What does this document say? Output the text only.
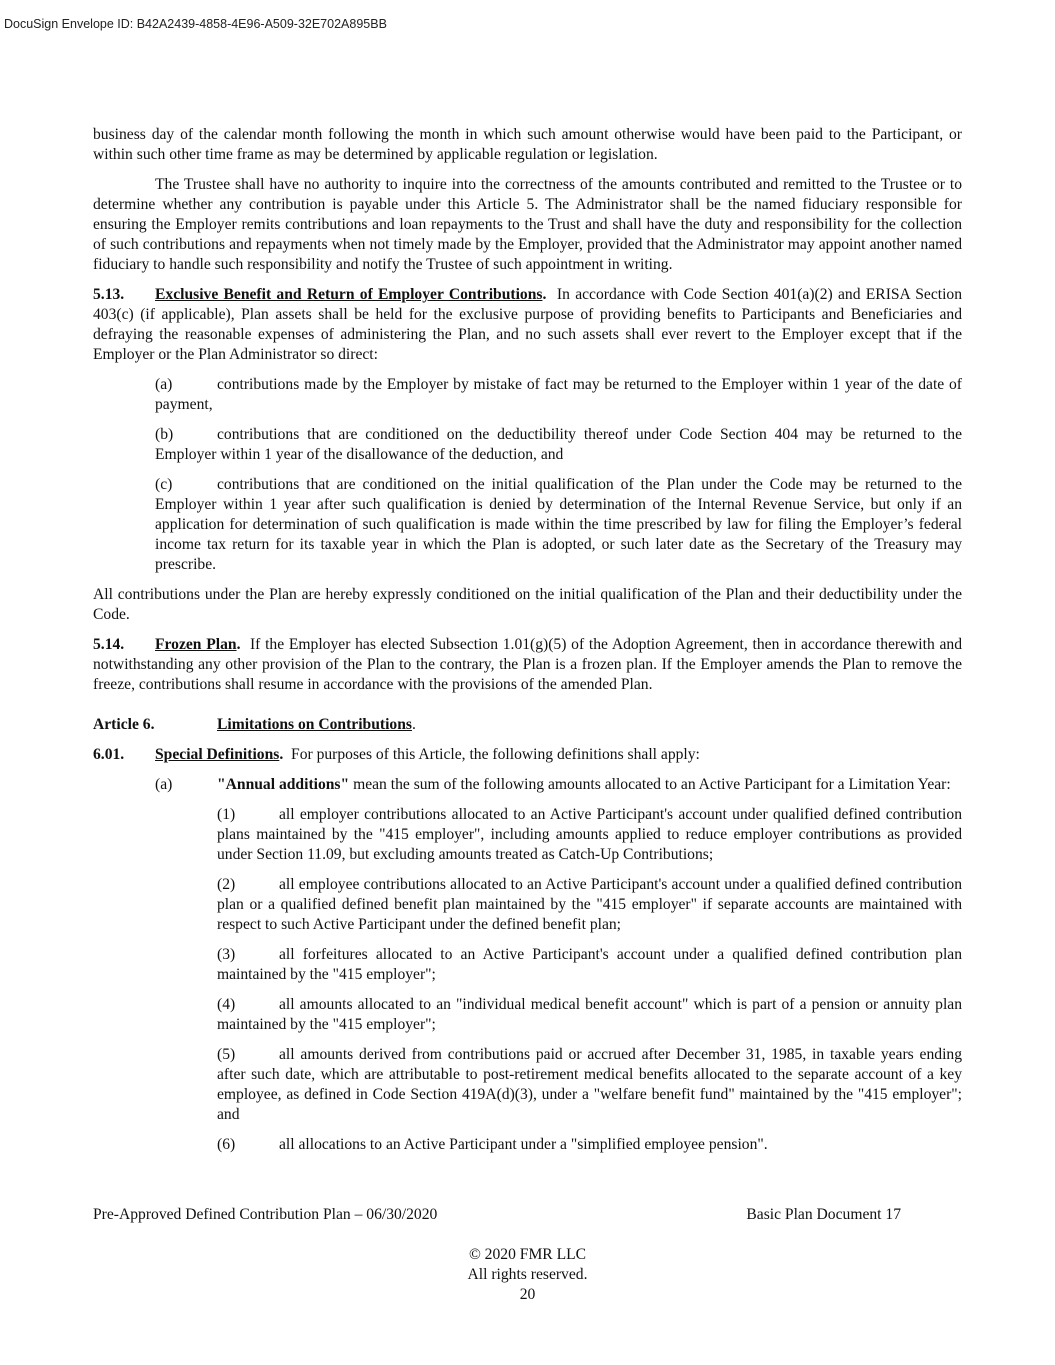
DocuSign Envelope ID: B42A2439-4858-4E96-A509-32E702A895BB

business day of the calendar month following the month in which such amount otherwise would have been paid to the Participant, or within such other time frame as may be determined by applicable regulation or legislation.

The Trustee shall have no authority to inquire into the correctness of the amounts contributed and remitted to the Trustee or to determine whether any contribution is payable under this Article 5. The Administrator shall be the named fiduciary responsible for ensuring the Employer remits contributions and loan repayments to the Trust and shall have the duty and responsibility for the collection of such contributions and repayments when not timely made by the Employer, provided that the Administrator may appoint another named fiduciary to handle such responsibility and notify the Trustee of such appointment in writing.

5.13. Exclusive Benefit and Return of Employer Contributions. In accordance with Code Section 401(a)(2) and ERISA Section 403(c) (if applicable), Plan assets shall be held for the exclusive purpose of providing benefits to Participants and Beneficiaries and defraying the reasonable expenses of administering the Plan, and no such assets shall ever revert to the Employer except that if the Employer or the Plan Administrator so direct:

(a)	contributions made by the Employer by mistake of fact may be returned to the Employer within 1 year of the date of payment,

(b)	contributions that are conditioned on the deductibility thereof under Code Section 404 may be returned to the Employer within 1 year of the disallowance of the deduction, and

(c)	contributions that are conditioned on the initial qualification of the Plan under the Code may be returned to the Employer within 1 year after such qualification is denied by determination of the Internal Revenue Service, but only if an application for determination of such qualification is made within the time prescribed by law for filing the Employer’s federal income tax return for its taxable year in which the Plan is adopted, or such later date as the Secretary of the Treasury may prescribe.

All contributions under the Plan are hereby expressly conditioned on the initial qualification of the Plan and their deductibility under the Code.

5.14. Frozen Plan. If the Employer has elected Subsection 1.01(g)(5) of the Adoption Agreement, then in accordance therewith and notwithstanding any other provision of the Plan to the contrary, the Plan is a frozen plan. If the Employer amends the Plan to remove the freeze, contributions shall resume in accordance with the provisions of the amended Plan.

Article 6.	Limitations on Contributions.

6.01. Special Definitions. For purposes of this Article, the following definitions shall apply:

(a)	"Annual additions" mean the sum of the following amounts allocated to an Active Participant for a Limitation Year:

(1)	all employer contributions allocated to an Active Participant's account under qualified defined contribution plans maintained by the "415 employer", including amounts applied to reduce employer contributions as provided under Section 11.09, but excluding amounts treated as Catch-Up Contributions;

(2)	all employee contributions allocated to an Active Participant's account under a qualified defined contribution plan or a qualified defined benefit plan maintained by the "415 employer" if separate accounts are maintained with respect to such Active Participant under the defined benefit plan;

(3)	all forfeitures allocated to an Active Participant's account under a qualified defined contribution plan maintained by the "415 employer";

(4)	all amounts allocated to an "individual medical benefit account" which is part of a pension or annuity plan maintained by the "415 employer";

(5)	all amounts derived from contributions paid or accrued after December 31, 1985, in taxable years ending after such date, which are attributable to post-retirement medical benefits allocated to the separate account of a key employee, as defined in Code Section 419A(d)(3), under a "welfare benefit fund" maintained by the "415 employer"; and

(6)	all allocations to an Active Participant under a "simplified employee pension".

Pre-Approved Defined Contribution Plan – 06/30/2020	Basic Plan Document 17
© 2020 FMR LLC
All rights reserved.
20
